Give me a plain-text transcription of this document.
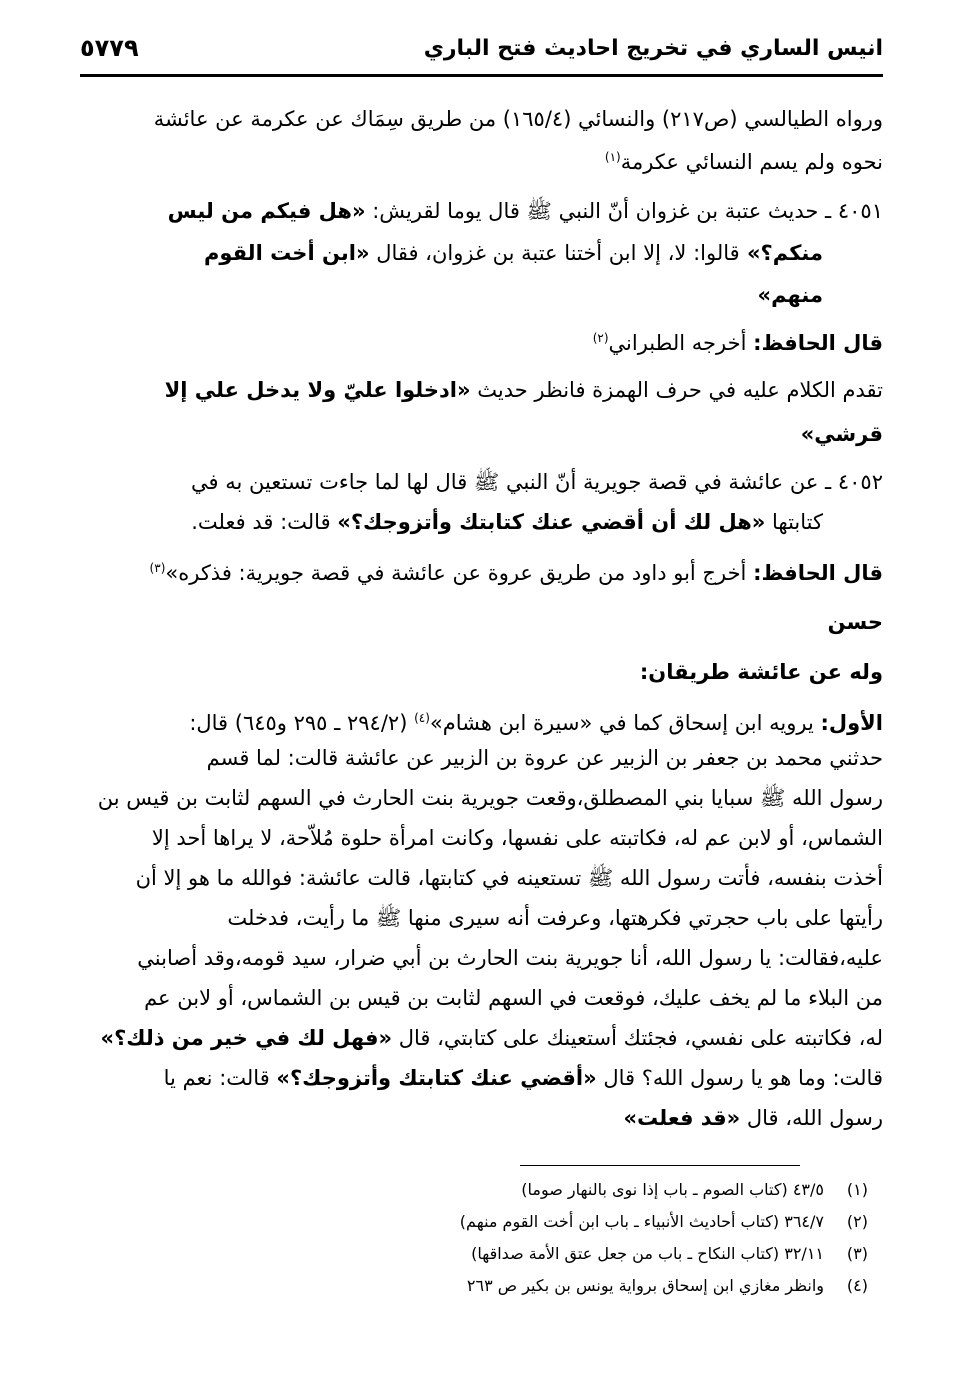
انيس الساري في تخريج احاديث فتح الباري
٥٧٧٩

ورواه الطيالسي (ص٢١٧) والنسائي (١٦٥/٤) من طريق سِمَاك عن عكرمة عن عائشة

نحوه ولم يسم النسائي عكرمة$^{(١)}$

٤٠٥١ ـ حديث عتبة بن غزوان أنّ النبي ﷺ قال يوما لقريش: «هل فيكم من ليس

منكم؟» قالوا: لا، إلا ابن أختنا عتبة بن غزوان، فقال «ابن أخت القوم

منهم»

قال الحافظ: أخرجه الطبراني$^{(٢)}$

تقدم الكلام عليه في حرف الهمزة فانظر حديث «ادخلوا عليّ ولا يدخل علي إلا

قرشي»

٤٠٥٢ ـ عن عائشة في قصة جويرية أنّ النبي ﷺ قال لها لما جاءت تستعين به في

كتابتها «هل لك أن أقضي عنك كتابتك وأتزوجك؟» قالت: قد فعلت.

قال الحافظ: أخرج أبو داود من طريق عروة عن عائشة في قصة جويرية: فذكره»$^{(٣)}$

حسن

وله عن عائشة طريقان:

الأول: يرويه ابن إسحاق كما في «سيرة ابن هشام»$^{(٤)}$ (٢٩٤/٢ ـ ٢٩٥ و٦٤٥) قال:

حدثني محمد بن جعفر بن الزبير عن عروة بن الزبير عن عائشة قالت: لما قسم

رسول الله ﷺ سبايا بني المصطلق،وقعت جويرية بنت الحارث في السهم لثابت بن قيس بن

الشماس، أو لابن عم له، فكاتبته على نفسها، وكانت امرأة حلوة مُلاّحة، لا يراها أحد إلا

أخذت بنفسه، فأتت رسول الله ﷺ تستعينه في كتابتها، قالت عائشة: فوالله ما هو إلا أن

رأيتها على باب حجرتي فكرهتها، وعرفت أنه سيرى منها ﷺ ما رأيت، فدخلت

عليه،فقالت: يا رسول الله، أنا جويرية بنت الحارث بن أبي ضرار، سيد قومه،وقد أصابني

من البلاء ما لم يخف عليك، فوقعت في السهم لثابت بن قيس بن الشماس، أو لابن عم

له، فكاتبته على نفسي، فجئتك أستعينك على كتابتي، قال «فهل لك في خير من ذلك؟»

قالت: وما هو يا رسول الله؟ قال «أقضي عنك كتابتك وأتزوجك؟» قالت: نعم يا

رسول الله، قال «قد فعلت»

(١)٤٣/٥ (كتاب الصوم ـ باب إذا نوى بالنهار صوما)
(٢)٣٦٤/٧ (كتاب أحاديث الأنبياء ـ باب ابن أخت القوم منهم)
(٣)٣٢/١١ (كتاب النكاح ـ باب من جعل عتق الأمة صداقها)
(٤)وانظر مغازي ابن إسحاق برواية يونس بن بكير ص ٢٦٣
